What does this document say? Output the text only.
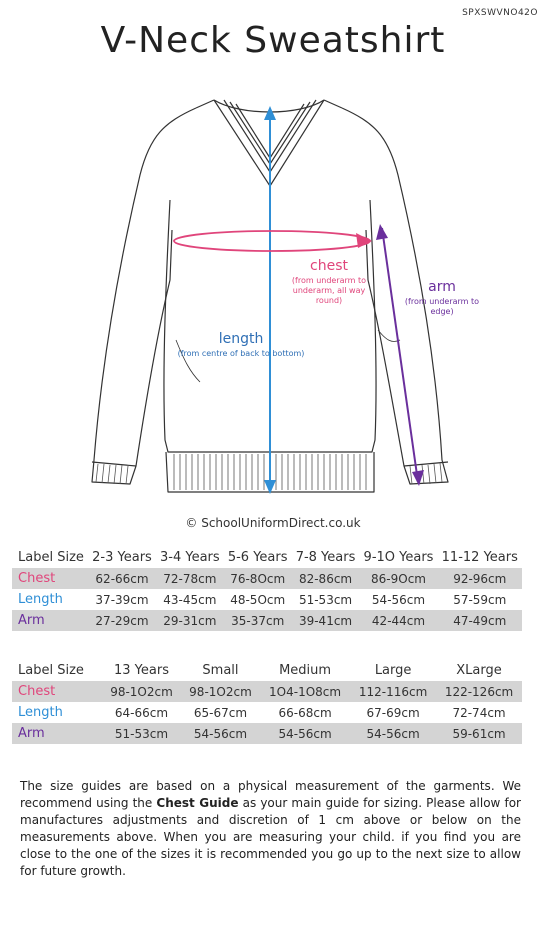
SPXSWVNO42O
V-Neck Sweatshirt
chest
(from underarm to underarm, all way round)
arm
(from underarm to edge)
length
(from centre of back to bottom)
© SchoolUniformDirect.co.uk
Label Size	2-3 Years	3-4 Years	5-6 Years	7-8 Years	9-1O Years	11-12 Years
Chest	62-66cm	72-78cm	76-8Ocm	82-86cm	86-9Ocm	92-96cm
Length	37-39cm	43-45cm	48-5Ocm	51-53cm	54-56cm	57-59cm
Arm	27-29cm	29-31cm	35-37cm	39-41cm	42-44cm	47-49cm
Label Size	13 Years	Small	Medium	Large	XLarge
Chest	98-1O2cm	98-1O2cm	1O4-1O8cm	112-116cm	122-126cm
Length	64-66cm	65-67cm	66-68cm	67-69cm	72-74cm
Arm	51-53cm	54-56cm	54-56cm	54-56cm	59-61cm
The size guides are based on a physical measurement of the garments. We recommend using the Chest Guide as your main guide for sizing. Please allow for manufactures adjustments and discretion of 1 cm above or below on the measurements above. When you are measuring your child. if you find you are close to the one of the sizes it is recommended you go up to the next size to allow for future growth.
